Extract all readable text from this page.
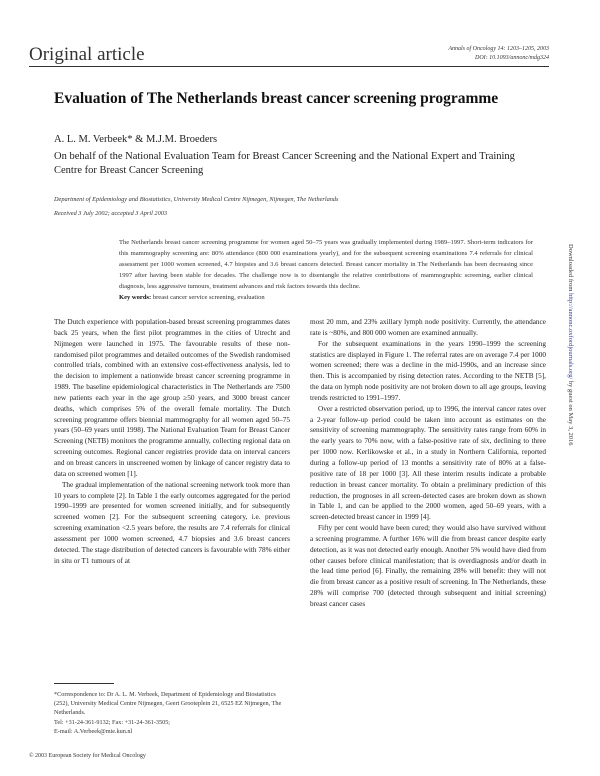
Original article	Annals of Oncology 14: 1203–1205, 2003
DOI: 10.1093/annonc/mdg324
Evaluation of The Netherlands breast cancer screening programme
A. L. M. Verbeek* & M.J.M. Broeders
On behalf of the National Evaluation Team for Breast Cancer Screening and the National Expert and Training Centre for Breast Cancer Screening
Department of Epidemiology and Biostatistics, University Medical Centre Nijmegen, Nijmegen, The Netherlands
Received 3 July 2002; accepted 3 April 2003

The Netherlands breast cancer screening programme for women aged 50–75 years was gradually implemented during 1989–1997. Short-term indicators for this mammography screening are: 80% attendance (800 000 examinations yearly), and for the subsequent screening examinations 7.4 referrals for clinical assessment per 1000 women screened, 4.7 biopsies and 3.6 breast cancers detected. Breast cancer mortality in The Netherlands has been decreasing since 1997 after having been stable for decades. The challenge now is to disentangle the relative contributions of mammographic screening, earlier clinical diagnosis, less aggressive tumours, treatment advances and risk factors towards this decline.

Key words: breast cancer service screening, evaluation

The Dutch experience with population-based breast screening programmes dates back 25 years, when the first pilot programmes in the cities of Utrecht and Nijmegen were launched in 1975. The favourable results of these non-randomised pilot programmes and detailed outcomes of the Swedish randomised controlled trials, combined with an extensive cost-effectiveness analysis, led to the decision to implement a nationwide breast cancer screening programme in 1989. The baseline epidemiological characteristics in The Netherlands are 7500 new patients each year in the age group ≥50 years, and 3000 breast cancer deaths, which comprises 5% of the overall female mortality. The Dutch screening programme offers biennial mammography for all women aged 50–75 years (50–69 years until 1998). The National Evaluation Team for Breast Cancer Screening (NETB) monitors the programme annually, collecting regional data on screening outcomes. Regional cancer registries provide data on interval cancers and on breast cancers in unscreened women by linkage of cancer registry data to data on screened women [1].

The gradual implementation of the national screening network took more than 10 years to complete [2]. In Table 1 the early outcomes aggregated for the period 1990–1999 are presented for women screened initially, and for subsequently screened women [2]. For the subsequent screening category, i.e. previous screening examination <2.5 years before, the results are 7.4 referrals for clinical assessment per 1000 women screened, 4.7 biopsies and 3.6 breast cancers detected. The stage distribution of detected cancers is favourable with 78% either in situ or T1 tumours of at

most 20 mm, and 23% axillary lymph node positivity. Currently, the attendance rate is ~80%, and 800 000 women are examined annually.

For the subsequent examinations in the years 1990–1999 the screening statistics are displayed in Figure 1. The referral rates are on average 7.4 per 1000 women screened; there was a decline in the mid-1990s, and an increase since then. This is accompanied by rising detection rates. According to the NETB [5], the data on lymph node positivity are not broken down to all age groups, leaving trends restricted to 1991–1997.

Over a restricted observation period, up to 1996, the interval cancer rates over a 2-year follow-up period could be taken into account as estimates on the sensitivity of screening mammography. The sensitivity rates range from 60% in the early years to 70% now, with a false-positive rate of six, declining to three per 1000 now. Kerlikowske et al., in a study in Northern California, reported during a follow-up period of 13 months a sensitivity rate of 80% at a false-positive rate of 18 per 1000 [3]. All these interim results indicate a probable reduction in breast cancer mortality. To obtain a preliminary prediction of this reduction, the prognoses in all screen-detected cases are broken down as shown in Table 1, and can be applied to the 2000 women, aged 50–69 years, with a screen-detected breast cancer in 1999 [4].

Fifty per cent would have been cured; they would also have survived without a screening programme. A further 16% will die from breast cancer despite early detection, as it was not detected early enough. Another 5% would have died from other causes before clinical manifestation; that is overdiagnosis and/or death in the lead time period [6]. Finally, the remaining 28% will benefit: they will not die from breast cancer as a positive result of screening. In The Netherlands, these 28% will comprise 700 (detected through subsequent and initial screening) breast cancer cases

*Correspondence to: Dr A. L. M. Verbeek, Department of Epidemiology and Biostatistics (252), University Medical Centre Nijmegen, Geert Grooteplein 21, 6525 EZ Nijmegen, The Netherlands.

Tel: +31-24-361-9132; Fax: +31-24-361-3505;

E-mail: A.Verbeek@mie.kun.nl

© 2003 European Society for Medical Oncology
Downloaded from http://annonc.oxfordjournals.org/ by guest on May 3, 2016
